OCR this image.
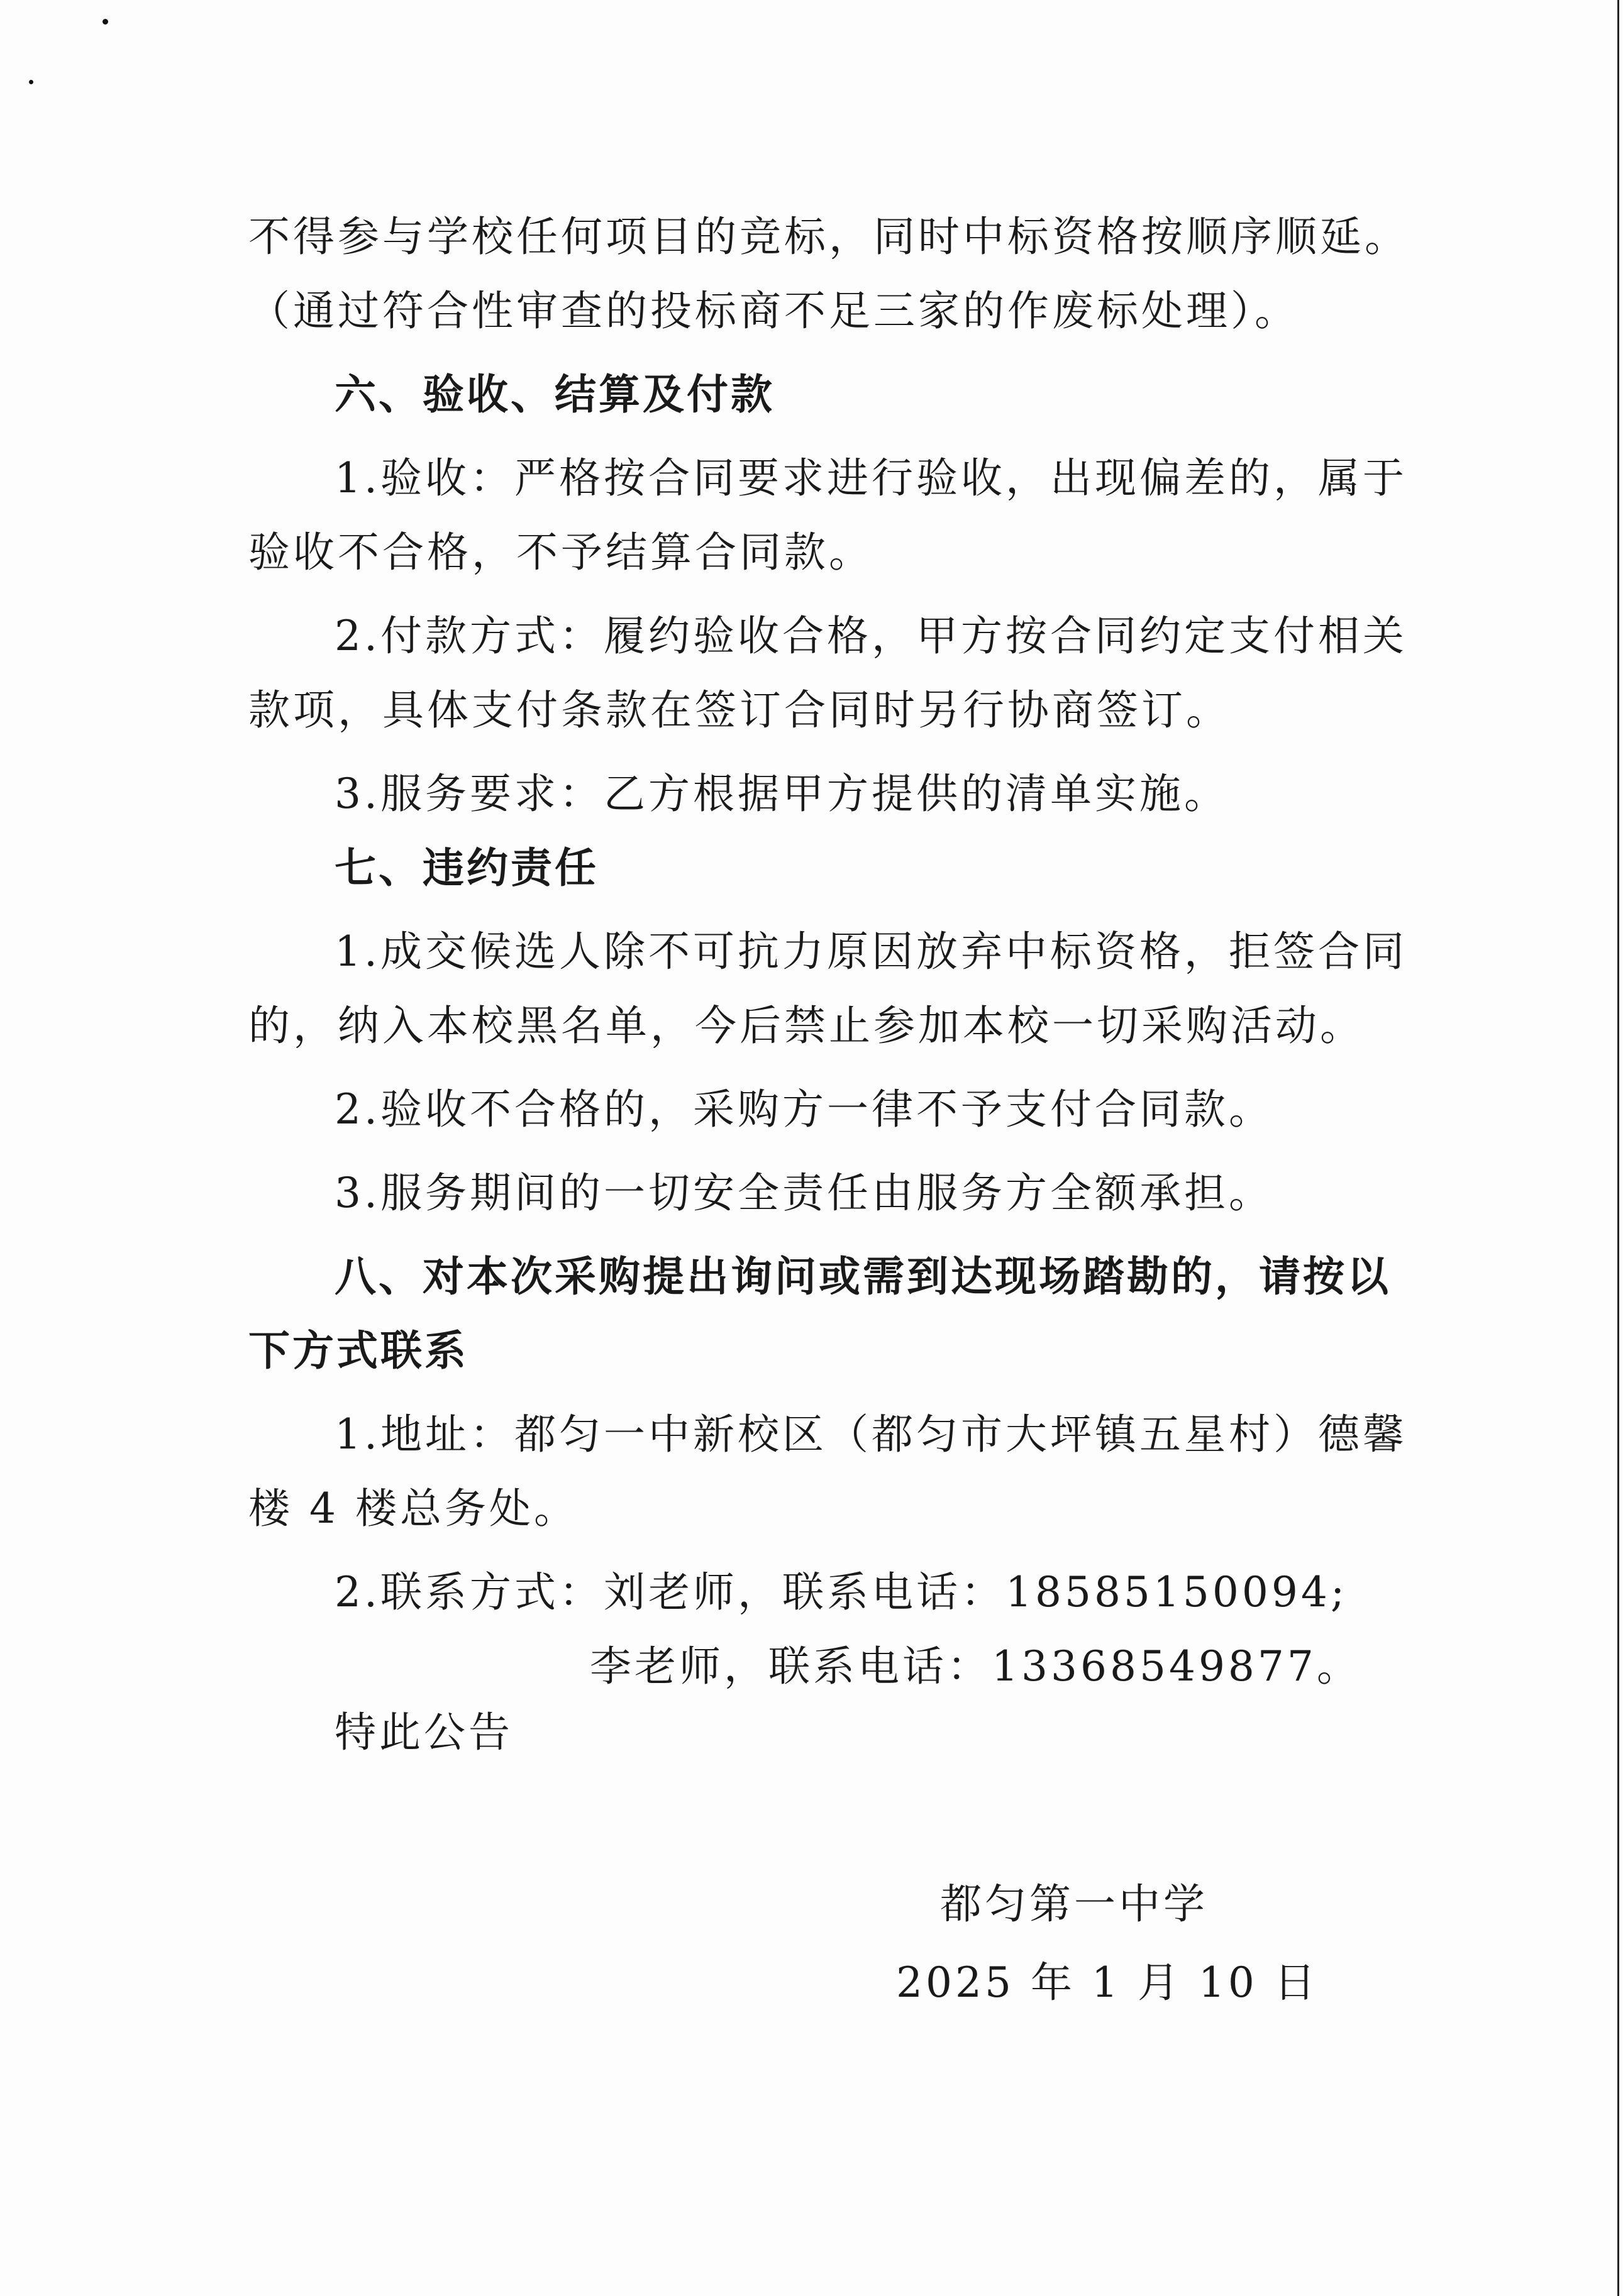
不得参与学校任何项目的竞标，同时中标资格按顺序顺延。

（通过符合性审查的投标商不足三家的作废标处理）。

六、验收、结算及付款

1.验收：严格按合同要求进行验收，出现偏差的，属于

验收不合格，不予结算合同款。

2.付款方式：履约验收合格，甲方按合同约定支付相关

款项，具体支付条款在签订合同时另行协商签订。

3.服务要求：乙方根据甲方提供的清单实施。

七、违约责任

1.成交候选人除不可抗力原因放弃中标资格，拒签合同

的，纳入本校黑名单，今后禁止参加本校一切采购活动。

2.验收不合格的，采购方一律不予支付合同款。

3.服务期间的一切安全责任由服务方全额承担。

八、对本次采购提出询问或需到达现场踏勘的，请按以

下方式联系

1.地址：都匀一中新校区（都匀市大坪镇五星村）德馨

楼 4 楼总务处。

2.联系方式：刘老师，联系电话：18585150094;

李老师，联系电话：13368549877。

特此公告
都匀第一中学
2025 年 1 月 10 日
